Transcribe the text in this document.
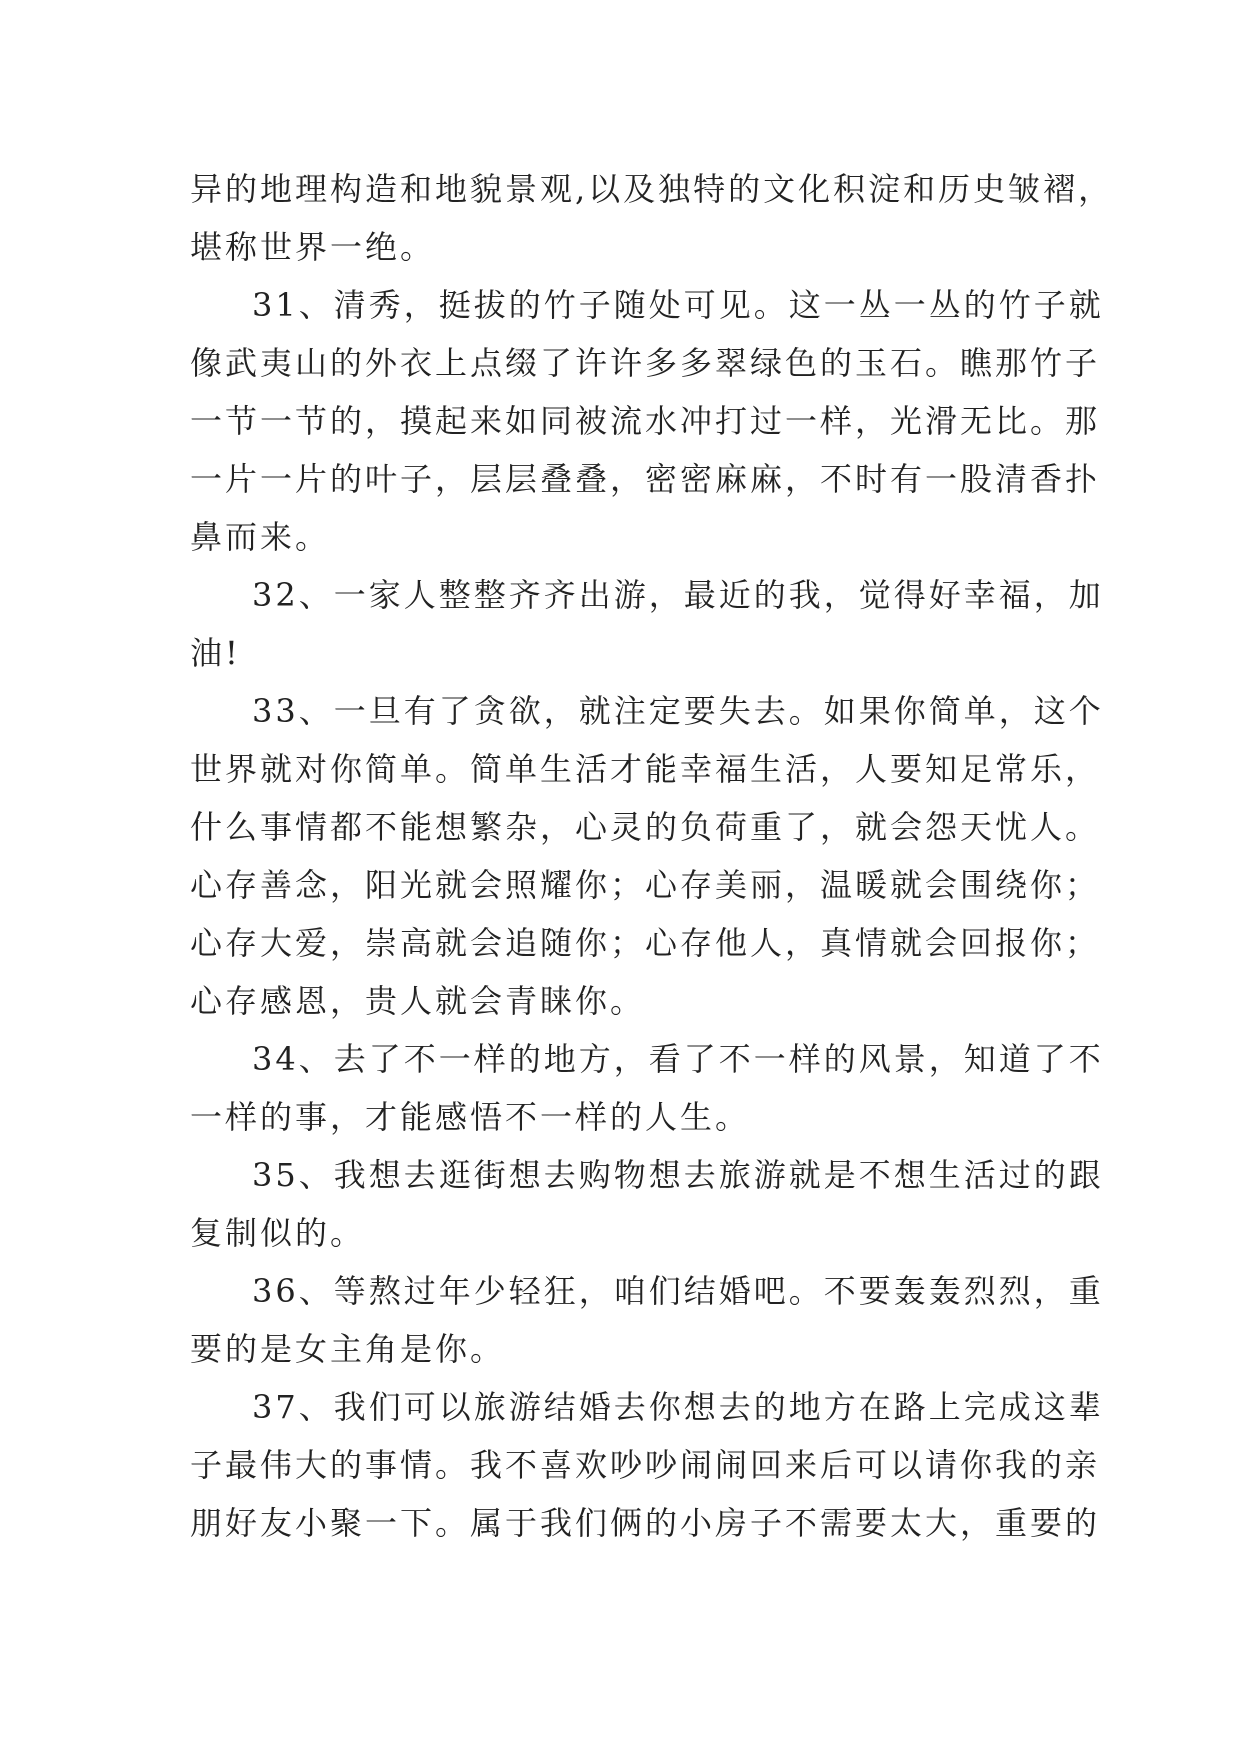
异的地理构造和地貌景观,以及独特的文化积淀和历史皱褶，
堪称世界一绝。
31、清秀，挺拔的竹子随处可见。这一丛一丛的竹子就
像武夷山的外衣上点缀了许许多多翠绿色的玉石。瞧那竹子
一节一节的，摸起来如同被流水冲打过一样，光滑无比。那
一片一片的叶子，层层叠叠，密密麻麻，不时有一股清香扑
鼻而来。
32、一家人整整齐齐出游，最近的我，觉得好幸福，加
油!
33、一旦有了贪欲，就注定要失去。如果你简单，这个
世界就对你简单。简单生活才能幸福生活，人要知足常乐，
什么事情都不能想繁杂，心灵的负荷重了，就会怨天忧人。
心存善念，阳光就会照耀你；心存美丽，温暖就会围绕你；
心存大爱，崇高就会追随你；心存他人，真情就会回报你；
心存感恩，贵人就会青睐你。
34、去了不一样的地方，看了不一样的风景，知道了不
一样的事，才能感悟不一样的人生。
35、我想去逛街想去购物想去旅游就是不想生活过的跟
复制似的。
36、等熬过年少轻狂，咱们结婚吧。不要轰轰烈烈，重
要的是女主角是你。
37、我们可以旅游结婚去你想去的地方在路上完成这辈
子最伟大的事情。我不喜欢吵吵闹闹回来后可以请你我的亲
朋好友小聚一下。属于我们俩的小房子不需要太大，重要的
